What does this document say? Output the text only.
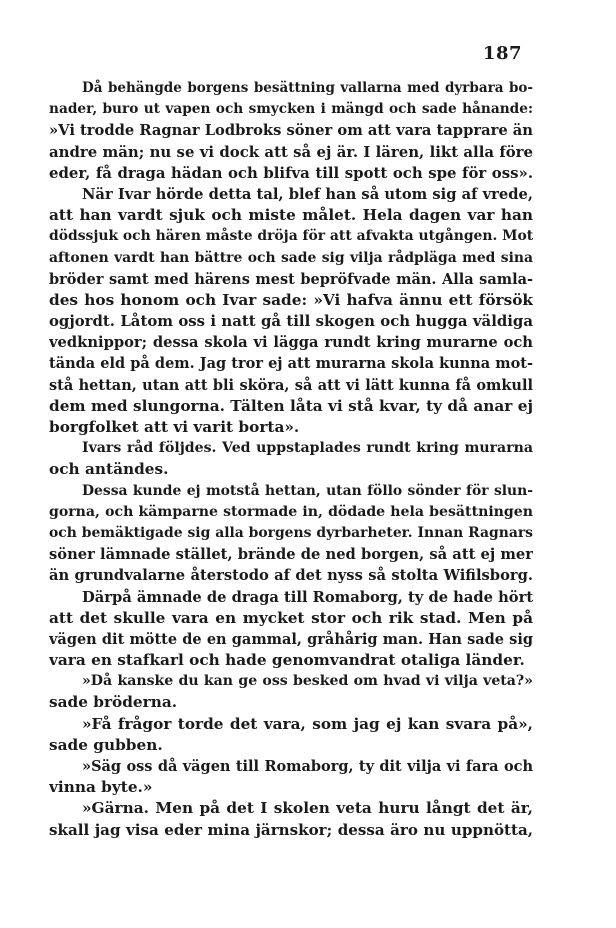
187
Då behängde borgens besättning vallarna med dyrbara bo-
nader, buro ut vapen och smycken i mängd och sade hånande:
»Vi trodde Ragnar Lodbroks söner om att vara tapprare än
andre män; nu se vi dock att så ej är. I lären, likt alla före
eder, få draga hädan och blifva till spott och spe för oss».
När Ivar hörde detta tal, blef han så utom sig af vrede,
att han vardt sjuk och miste målet. Hela dagen var han
dödssjuk och hären måste dröja för att afvakta utgången. Mot
aftonen vardt han bättre och sade sig vilja rådpläga med sina
bröder samt med härens mest bepröfvade män. Alla samla-
des hos honom och Ivar sade: »Vi hafva ännu ett försök
ogjordt. Låtom oss i natt gå till skogen och hugga väldiga
vedknippor; dessa skola vi lägga rundt kring murarne och
tända eld på dem. Jag tror ej att murarna skola kunna mot-
stå hettan, utan att bli sköra, så att vi lätt kunna få omkull
dem med slungorna. Tälten låta vi stå kvar, ty då anar ej
borgfolket att vi varit borta».
Ivars råd följdes. Ved uppstaplades rundt kring murarna
och antändes.
Dessa kunde ej motstå hettan, utan föllo sönder för slun-
gorna, och kämparne stormade in, dödade hela besättningen
och bemäktigade sig alla borgens dyrbarheter. Innan Ragnars
söner lämnade stället, brände de ned borgen, så att ej mer
än grundvalarne återstodo af det nyss så stolta Wifilsborg.
Därpå ämnade de draga till Romaborg, ty de hade hört
att det skulle vara en mycket stor och rik stad. Men på
vägen dit mötte de en gammal, gråhårig man. Han sade sig
vara en stafkarl och hade genomvandrat otaliga länder.
»Då kanske du kan ge oss besked om hvad vi vilja veta?»
sade bröderna.
»Få frågor torde det vara, som jag ej kan svara på»,
sade gubben.
»Säg oss då vägen till Romaborg, ty dit vilja vi fara och
vinna byte.»
»Gärna. Men på det I skolen veta huru långt det är,
skall jag visa eder mina järnskor; dessa äro nu uppnötta,
